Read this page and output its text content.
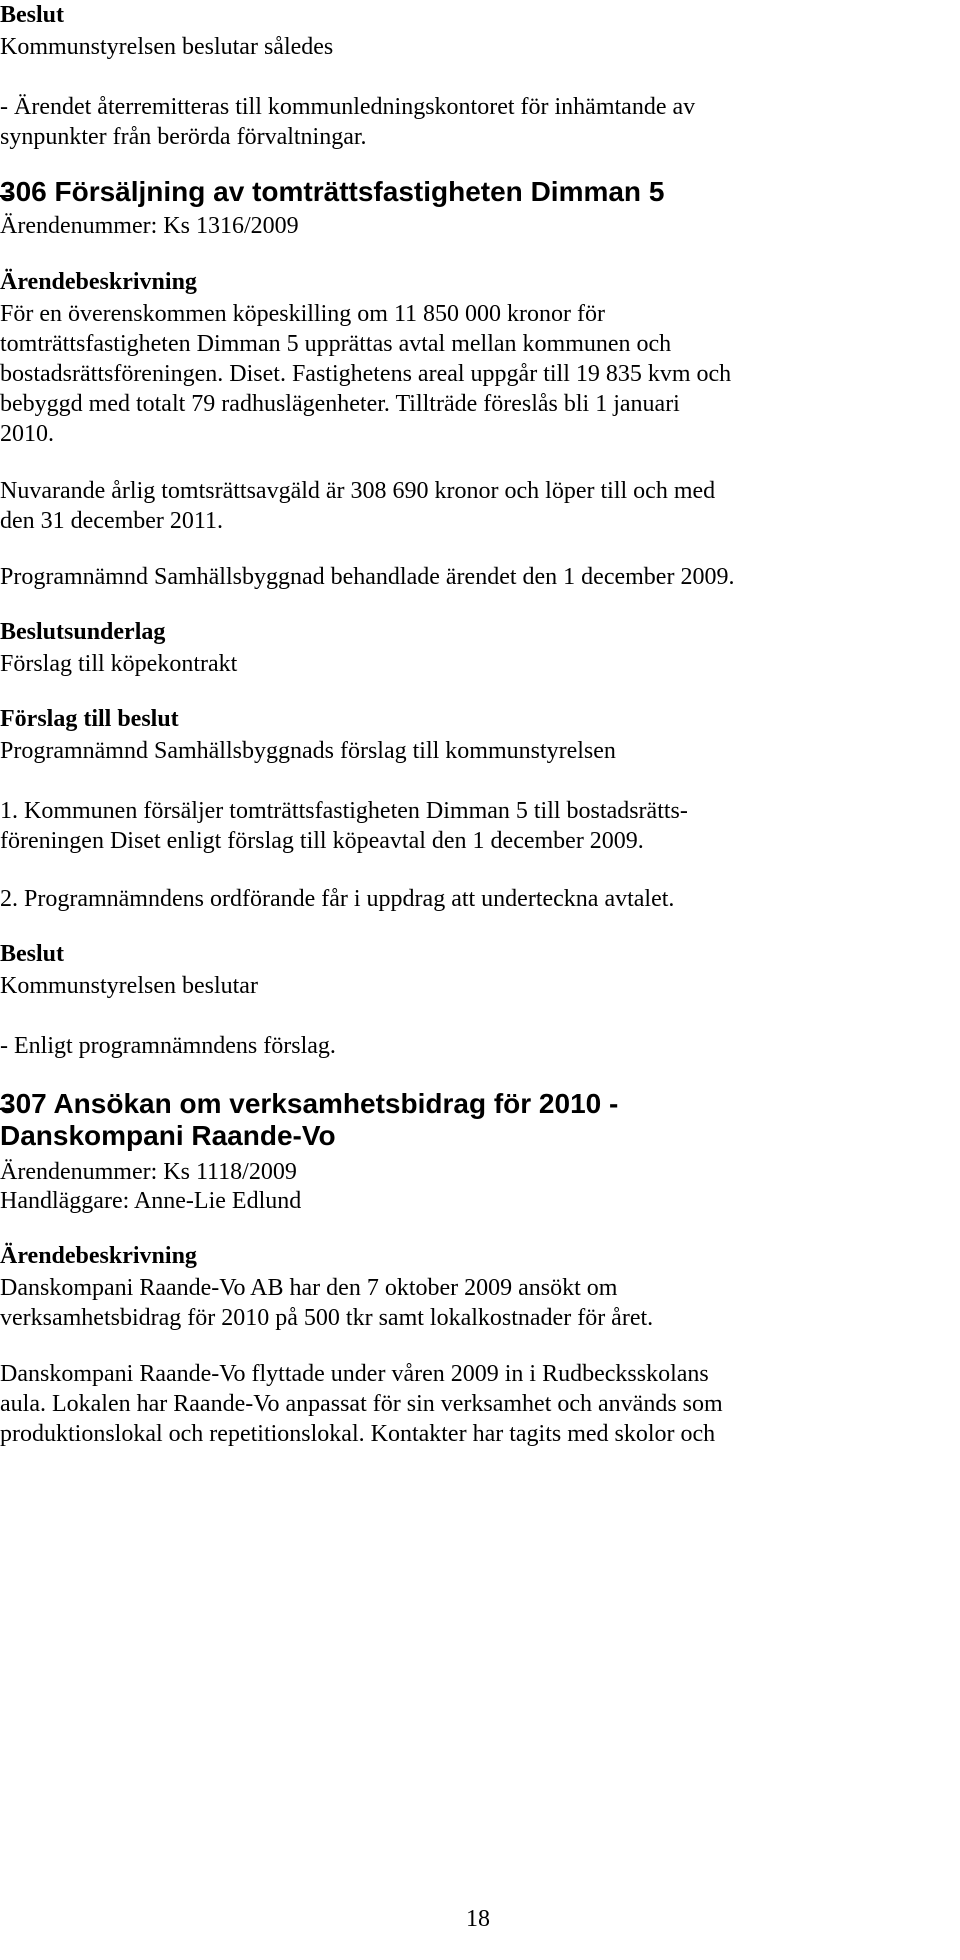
Beslut

Kommunstyrelsen beslutar således

- Ärendet återremitteras till kommunledningskontoret för inhämtande av

synpunkter från berörda förvaltningar.

306 Försäljning av tomträttsfastigheten Dimman 5

Ärendenummer: Ks 1316/2009

Ärendebeskrivning

För en överenskommen köpeskilling om 11 850 000 kronor för

tomträttsfastigheten Dimman 5 upprättas avtal mellan kommunen och

bostadsrättsföreningen. Diset. Fastighetens areal uppgår till 19 835 kvm och

bebyggd med totalt 79 radhuslägenheter. Tillträde föreslås bli 1 januari

2010.

Nuvarande årlig tomtsrättsavgäld är 308 690 kronor och löper till och med

den 31 december 2011.

Programnämnd Samhällsbyggnad behandlade ärendet den 1 december 2009.

Beslutsunderlag

Förslag till köpekontrakt

Förslag till beslut

Programnämnd Samhällsbyggnads förslag till kommunstyrelsen

1. Kommunen försäljer tomträttsfastigheten Dimman 5 till bostadsrätts-

föreningen Diset enligt förslag till köpeavtal den 1 december 2009.

2. Programnämndens ordförande får i uppdrag att underteckna avtalet.

Beslut

Kommunstyrelsen beslutar

- Enligt programnämndens förslag.

307 Ansökan om verksamhetsbidrag för 2010 -

Danskompani Raande-Vo

Ärendenummer: Ks 1118/2009

Handläggare: Anne-Lie Edlund

Ärendebeskrivning

Danskompani Raande-Vo AB har den 7 oktober 2009 ansökt om

verksamhetsbidrag för 2010 på 500 tkr samt lokalkostnader för året.

Danskompani Raande-Vo flyttade under våren 2009 in i Rudbecksskolans

aula. Lokalen har Raande-Vo anpassat för sin verksamhet och används som

produktionslokal och repetitionslokal. Kontakter har tagits med skolor och

18
